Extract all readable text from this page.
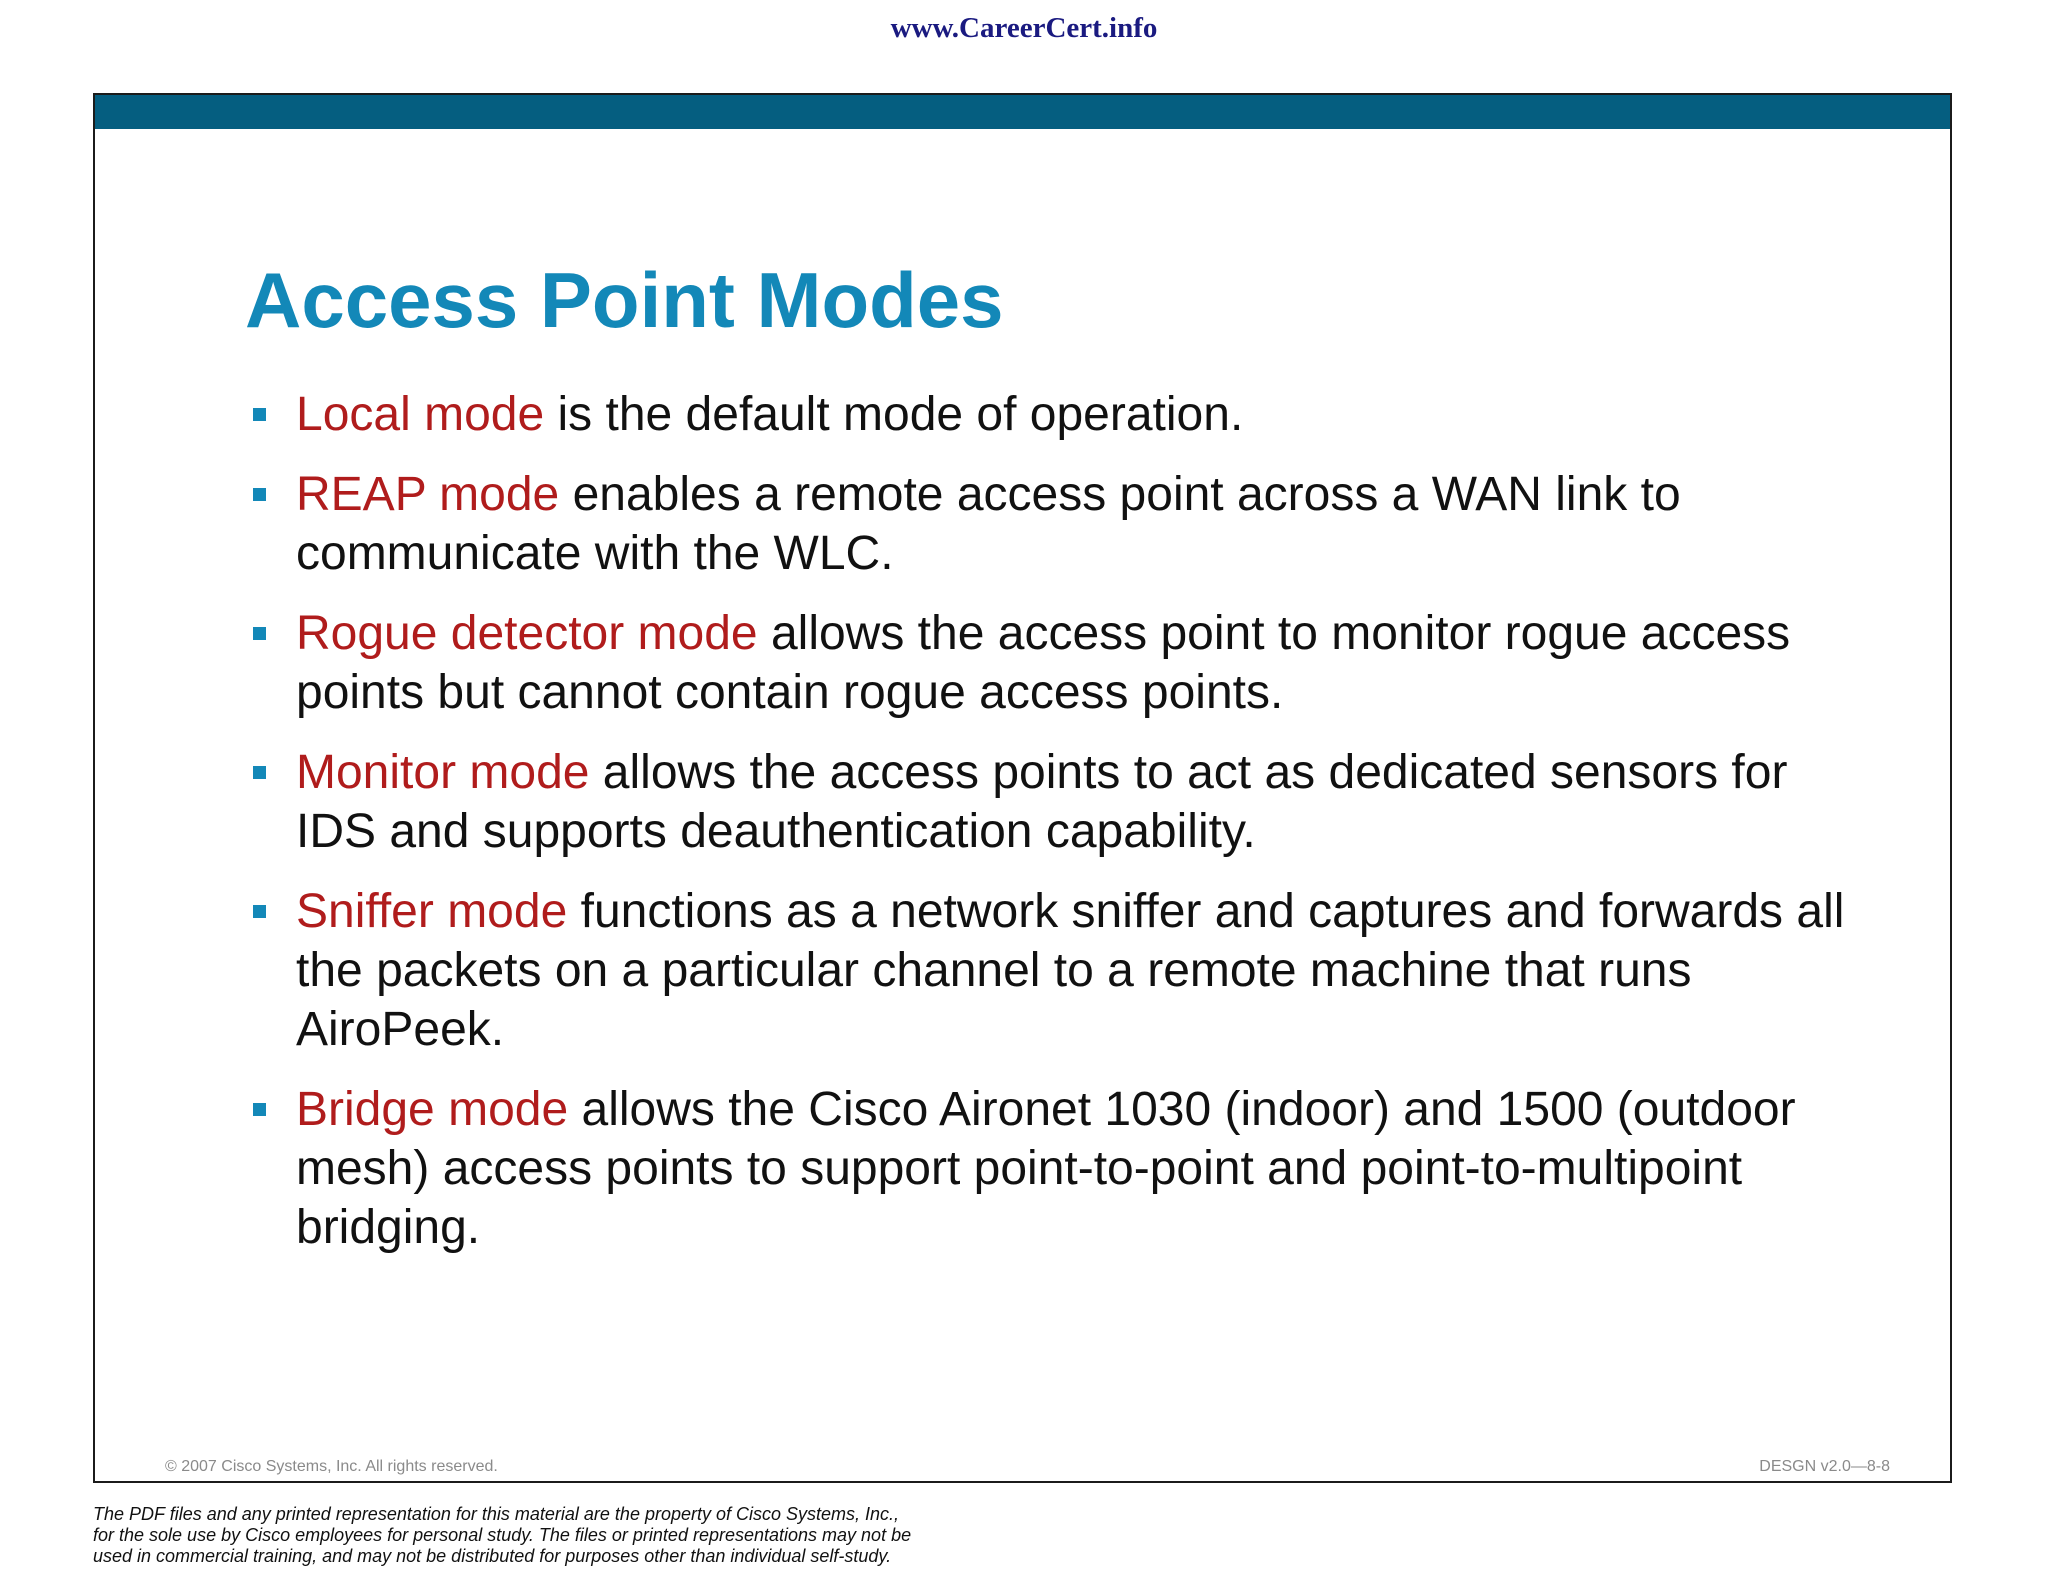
www.CareerCert.info
Access Point Modes
Local mode is the default mode of operation.
REAP mode enables a remote access point across a WAN link to communicate with the WLC.
Rogue detector mode allows the access point to monitor rogue access points but cannot contain rogue access points.
Monitor mode allows the access points to act as dedicated sensors for IDS and supports deauthentication capability.
Sniffer mode functions as a network sniffer and captures and forwards all the packets on a particular channel to a remote machine that runs AiroPeek.
Bridge mode allows the Cisco Aironet 1030 (indoor) and 1500 (outdoor mesh) access points to support point-to-point and point-to-multipoint bridging.
© 2007 Cisco Systems, Inc. All rights reserved.	DESGN v2.0—8-8
The PDF files and any printed representation for this material are the property of Cisco Systems, Inc.,
for the sole use by Cisco employees for personal study. The files or printed representations may not be
used in commercial training, and may not be distributed for purposes other than individual self-study.
